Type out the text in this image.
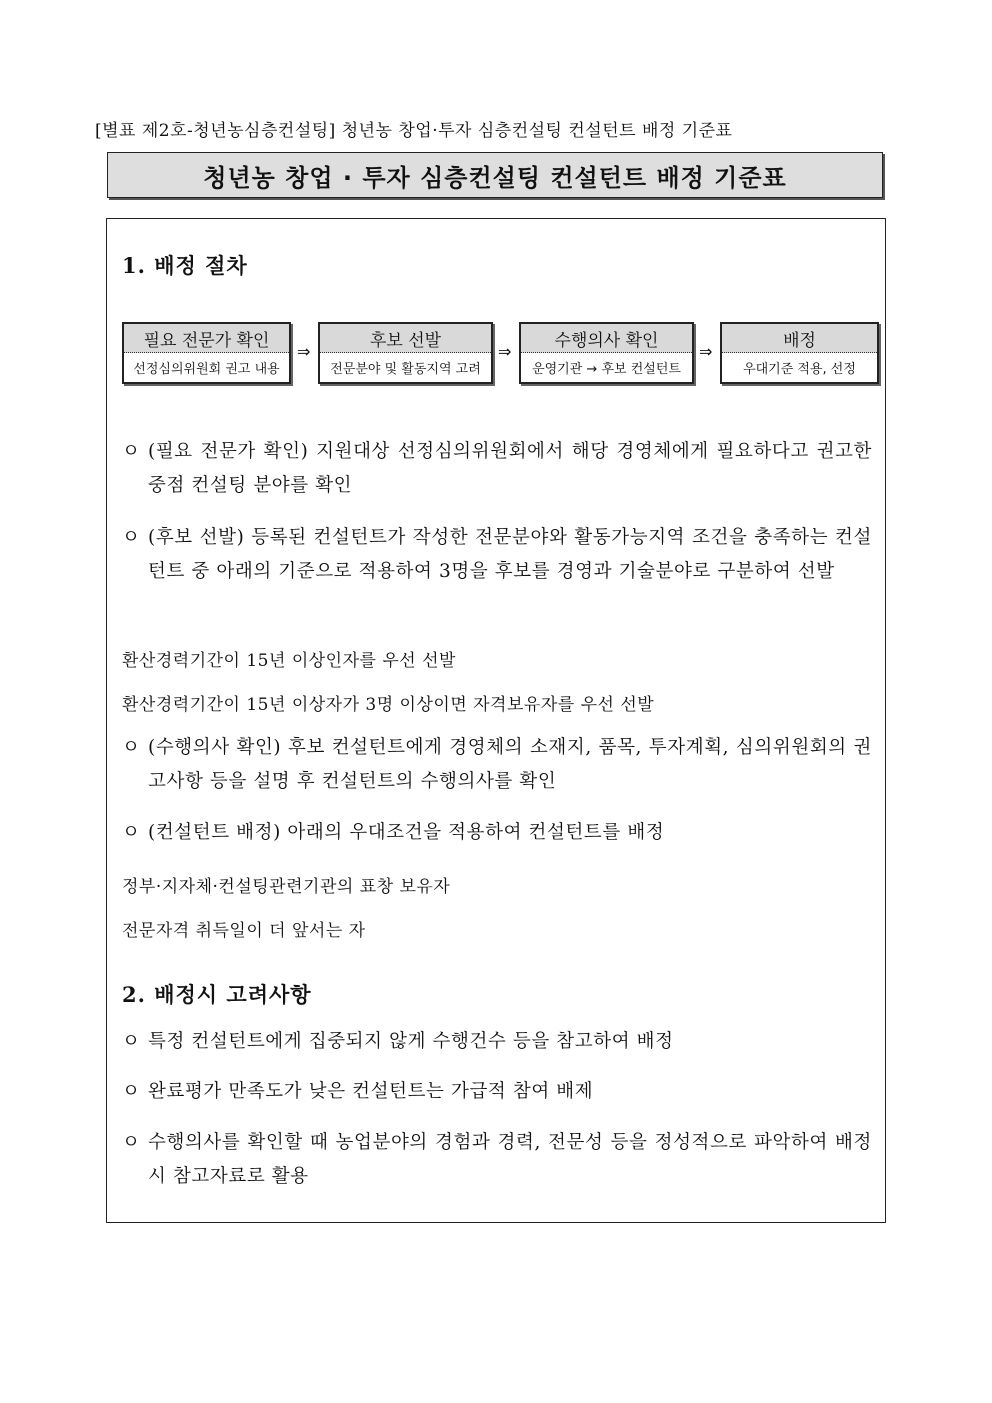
[별표 제2호-청년농심층컨설팅] 청년농 창업·투자 심층컨설팅 컨설턴트 배정 기준표
청년농 창업 · 투자 심층컨설팅 컨설턴트 배정 기준표
1. 배정 절차
필요 전문가 확인
선정심의위원회 권고 내용
⇒
후보 선발
전문분야 및 활동지역 고려
⇒
수행의사 확인
운영기관 → 후보 컨설턴트
⇒
배정
우대기준 적용, 선정
ㅇ (필요 전문가 확인) 지원대상 선정심의위원회에서 해당 경영체에게 필요하다고 권고한 중점 컨설팅 분야를 확인
ㅇ (후보 선발) 등록된 컨설턴트가 작성한 전문분야와 활동가능지역 조건을 충족하는 컨설턴트 중 아래의 기준으로 적용하여 3명을 후보를 경영과 기술분야로 구분하여 선발
환산경력기간이 15년 이상인자를 우선 선발
환산경력기간이 15년 이상자가 3명 이상이면 자격보유자를 우선 선발
ㅇ (수행의사 확인) 후보 컨설턴트에게 경영체의 소재지, 품목, 투자계획, 심의위원회의 권고사항 등을 설명 후 컨설턴트의 수행의사를 확인
ㅇ (컨설턴트 배정) 아래의 우대조건을 적용하여 컨설턴트를 배정
정부·지자체·컨설팅관련기관의 표창 보유자
전문자격 취득일이 더 앞서는 자
2. 배정시 고려사항
ㅇ 특정 컨설턴트에게 집중되지 않게 수행건수 등을 참고하여 배정
ㅇ 완료평가 만족도가 낮은 컨설턴트는 가급적 참여 배제
ㅇ 수행의사를 확인할 때 농업분야의 경험과 경력, 전문성 등을 정성적으로 파악하여 배정 시 참고자료로 활용
